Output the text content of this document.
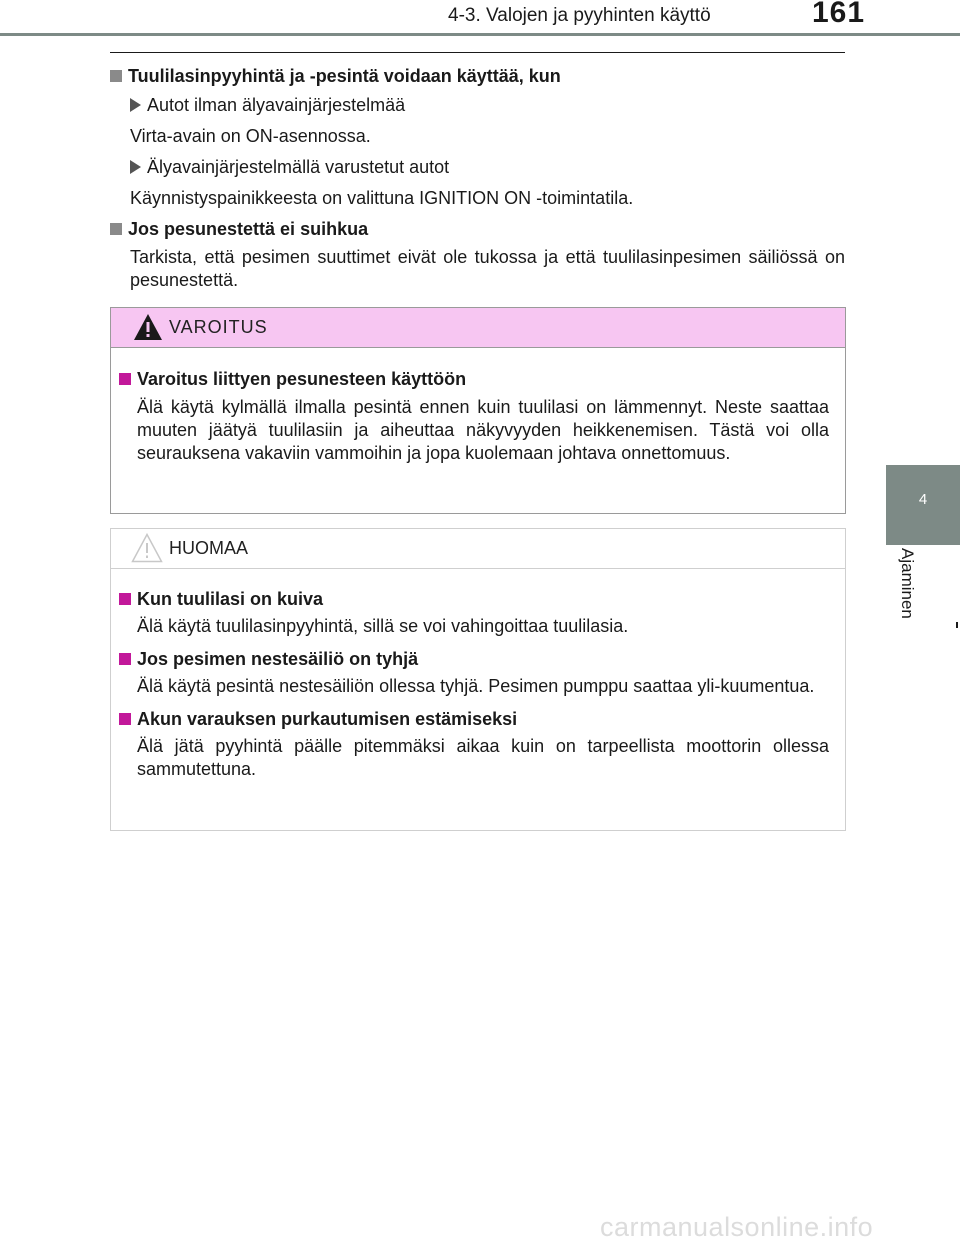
4-3. Valojen ja pyyhinten käyttö	161
4
Ajaminen

Tuulilasinpyyhintä ja -pesintä voidaan käyttää, kun

Autot ilman älyavainjärjestelmää

Virta-avain on ON-asennossa.

Älyavainjärjestelmällä varustetut autot

Käynnistyspainikkeesta on valittuna IGNITION ON -toimintatila.

Jos pesunestettä ei suihkua

Tarkista, että pesimen suuttimet eivät ole tukossa ja että tuulilasinpesimen säiliössä on pesunestettä.

VAROITUS

Varoitus liittyen pesunesteen käyttöön

Älä käytä kylmällä ilmalla pesintä ennen kuin tuulilasi on lämmennyt. Neste saattaa muuten jäätyä tuulilasiin ja aiheuttaa näkyvyyden heikkenemisen. Tästä voi olla seurauksena vakaviin vammoihin ja jopa kuolemaan johtava onnettomuus.

HUOMAA

Kun tuulilasi on kuiva

Älä käytä tuulilasinpyyhintä, sillä se voi vahingoittaa tuulilasia.

Jos pesimen nestesäiliö on tyhjä

Älä käytä pesintä nestesäiliön ollessa tyhjä. Pesimen pumppu saattaa yli-kuumentua.

Akun varauksen purkautumisen estämiseksi

Älä jätä pyyhintä päälle pitemmäksi aikaa kuin on tarpeellista moottorin ollessa sammutettuna.

carmanualsonline.info
